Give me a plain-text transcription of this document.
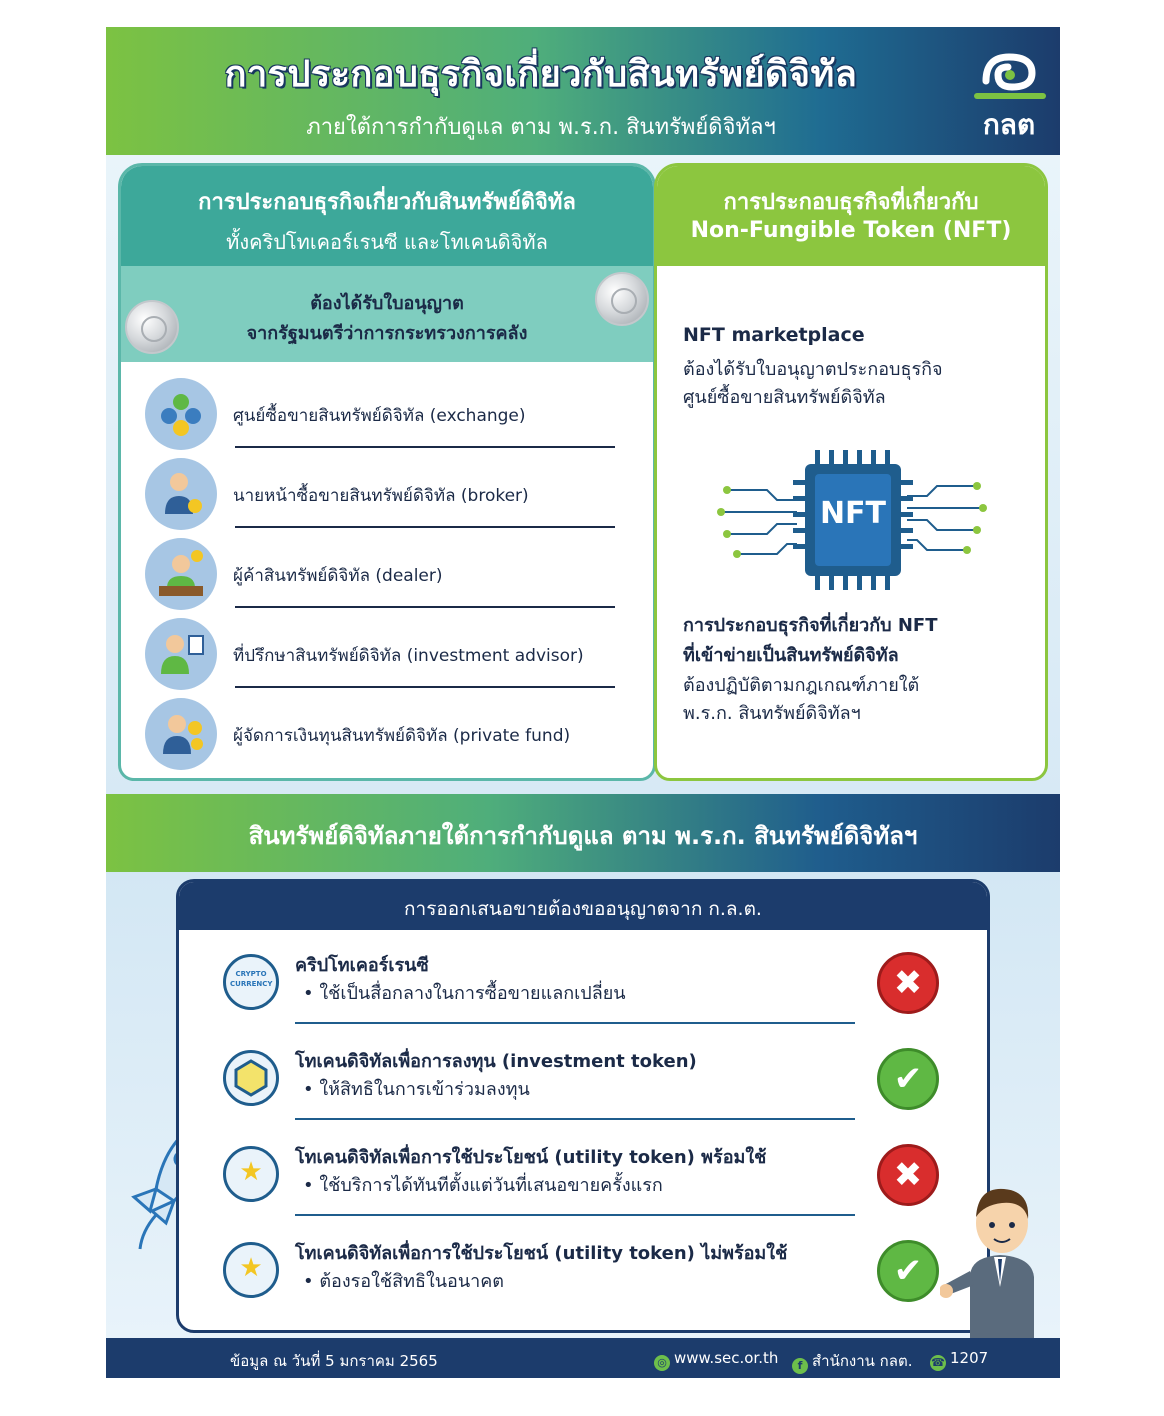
การประกอบธุรกิจเกี่ยวกับสินทรัพย์ดิจิทัล
ภายใต้การกำกับดูแล ตาม พ.ร.ก. สินทรัพย์ดิจิทัลฯ	กลต
การประกอบธุรกิจเกี่ยวกับสินทรัพย์ดิจิทัล
ทั้งคริปโทเคอร์เรนซี และโทเคนดิจิทัล
ต้องได้รับใบอนุญาต
จากรัฐมนตรีว่าการกระทรวงการคลัง
ศูนย์ซื้อขายสินทรัพย์ดิจิทัล (exchange)
นายหน้าซื้อขายสินทรัพย์ดิจิทัล (broker)
ผู้ค้าสินทรัพย์ดิจิทัล (dealer)
ที่ปรึกษาสินทรัพย์ดิจิทัล (investment advisor)
ผู้จัดการเงินทุนสินทรัพย์ดิจิทัล (private fund)
การประกอบธุรกิจที่เกี่ยวกับ
Non-Fungible Token (NFT)
NFT marketplace
ต้องได้รับใบอนุญาตประกอบธุรกิจ
ศูนย์ซื้อขายสินทรัพย์ดิจิทัล
NFT
การประกอบธุรกิจที่เกี่ยวกับ NFT
ที่เข้าข่ายเป็นสินทรัพย์ดิจิทัล
ต้องปฏิบัติตามกฎเกณฑ์ภายใต้
พ.ร.ก. สินทรัพย์ดิจิทัลฯ
สินทรัพย์ดิจิทัลภายใต้การกำกับดูแล ตาม พ.ร.ก. สินทรัพย์ดิจิทัลฯ
การออกเสนอขายต้องขออนุญาตจาก ก.ล.ต.
CRYPTO CURRENCY
คริปโทเคอร์เรนซี
• ใช้เป็นสื่อกลางในการซื้อขายแลกเปลี่ยน	✖
โทเคนดิจิทัลเพื่อการลงทุน (investment token)
• ให้สิทธิในการเข้าร่วมลงทุน	✔
★	โทเคนดิจิทัลเพื่อการใช้ประโยชน์ (utility token) พร้อมใช้
• ใช้บริการได้ทันทีตั้งแต่วันที่เสนอขายครั้งแรก	✖
★	โทเคนดิจิทัลเพื่อการใช้ประโยชน์ (utility token) ไม่พร้อมใช้
• ต้องรอใช้สิทธิในอนาคต	✔
ข้อมูล ณ วันที่ 5 มกราคม 2565	◎ www.sec.or.th	f สำนักงาน กลต. ☎ 1207
